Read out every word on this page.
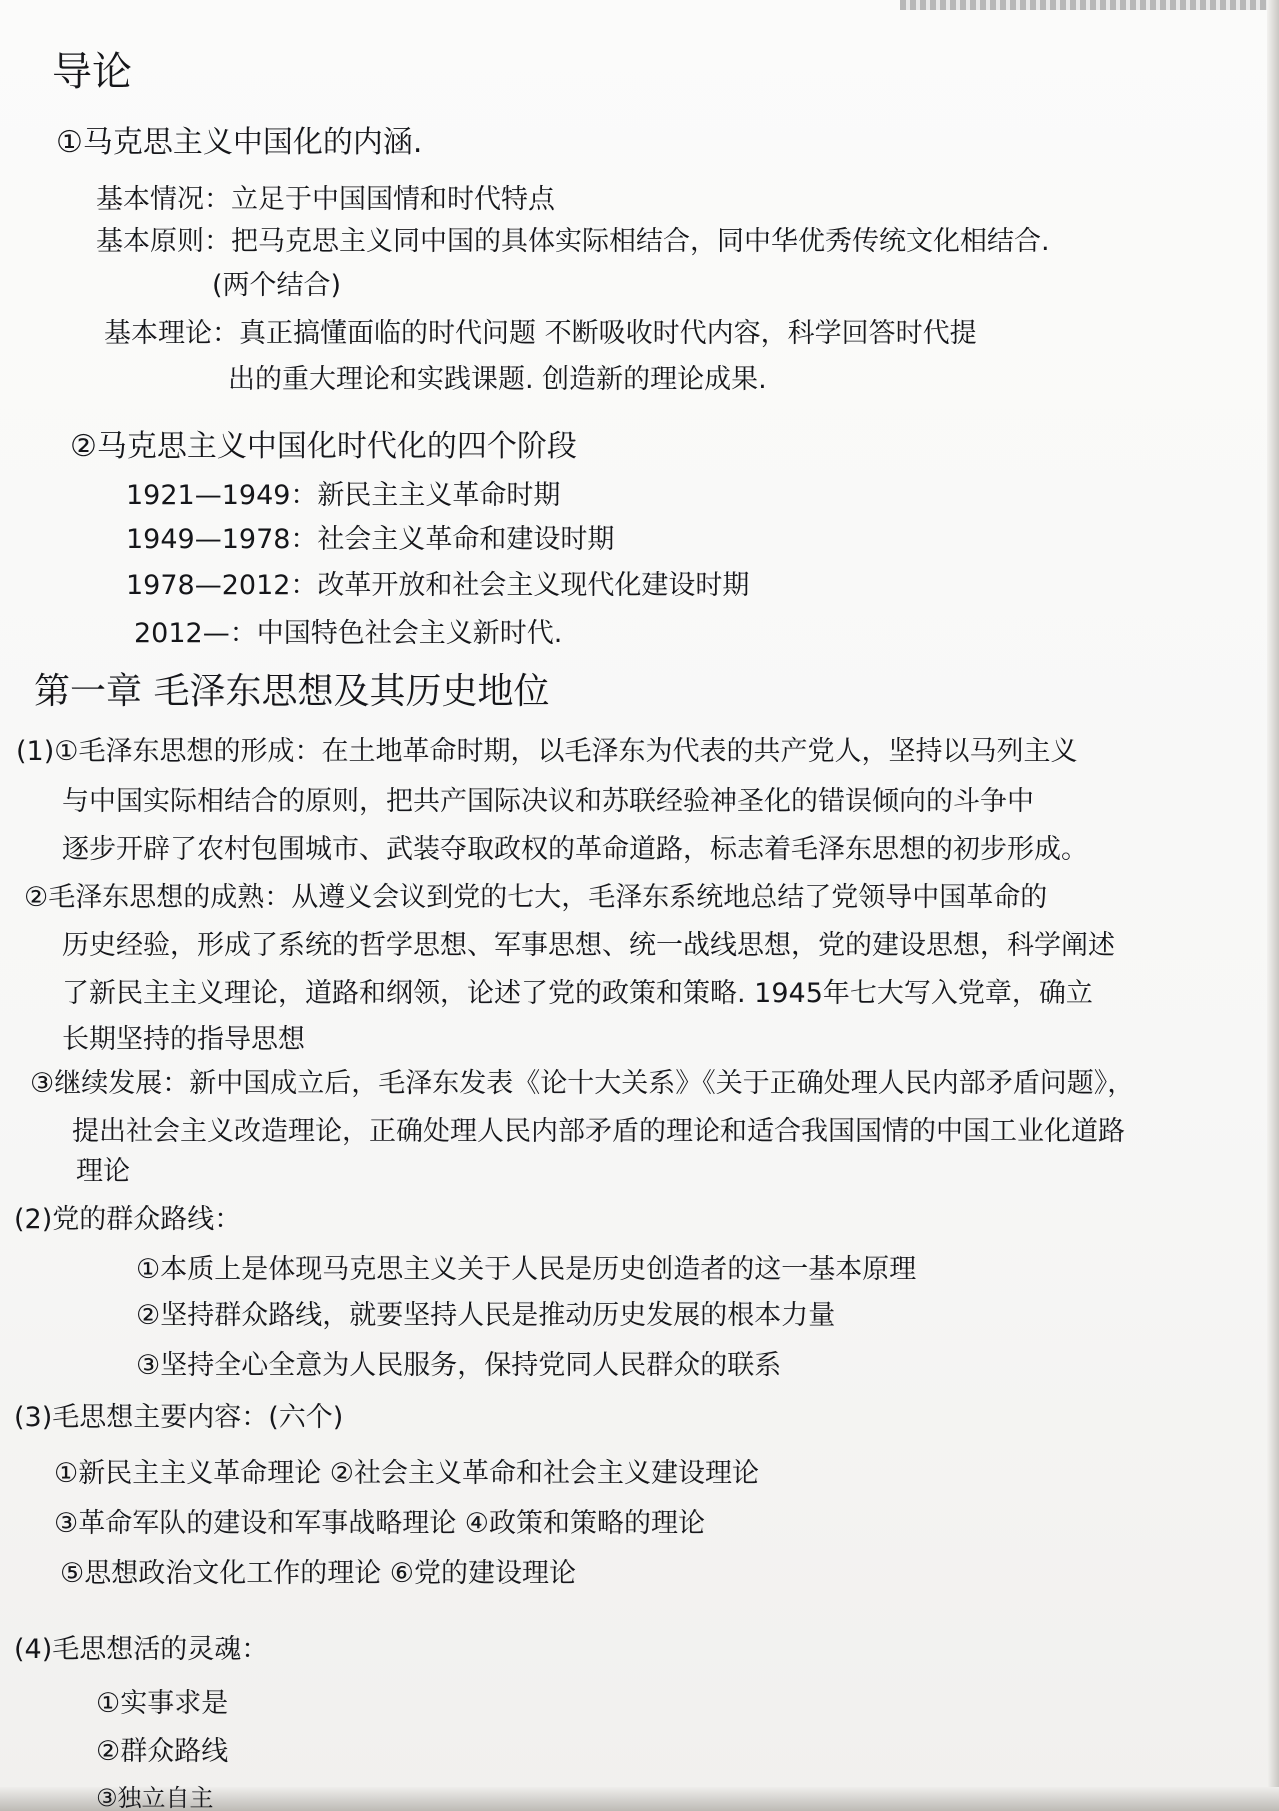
导论
①马克思主义中国化的内涵.
基本情况：立足于中国国情和时代特点
基本原则：把马克思主义同中国的具体实际相结合，同中华优秀传统文化相结合.
(两个结合)
基本理论：真正搞懂面临的时代问题 不断吸收时代内容，科学回答时代提
出的重大理论和实践课题. 创造新的理论成果.
②马克思主义中国化时代化的四个阶段
1921—1949：新民主主义革命时期
1949—1978：社会主义革命和建设时期
1978—2012：改革开放和社会主义现代化建设时期
2012—：中国特色社会主义新时代.
第一章 毛泽东思想及其历史地位
(1)①毛泽东思想的形成：在土地革命时期，以毛泽东为代表的共产党人，坚持以马列主义
与中国实际相结合的原则，把共产国际决议和苏联经验神圣化的错误倾向的斗争中
逐步开辟了农村包围城市、武装夺取政权的革命道路，标志着毛泽东思想的初步形成。
②毛泽东思想的成熟：从遵义会议到党的七大，毛泽东系统地总结了党领导中国革命的
历史经验，形成了系统的哲学思想、军事思想、统一战线思想，党的建设思想，科学阐述
了新民主主义理论，道路和纲领，论述了党的政策和策略. 1945年七大写入党章，确立
长期坚持的指导思想
③继续发展：新中国成立后，毛泽东发表《论十大关系》《关于正确处理人民内部矛盾问题》，
提出社会主义改造理论，正确处理人民内部矛盾的理论和适合我国国情的中国工业化道路
理论
(2)党的群众路线：
①本质上是体现马克思主义关于人民是历史创造者的这一基本原理
②坚持群众路线，就要坚持人民是推动历史发展的根本力量
③坚持全心全意为人民服务，保持党同人民群众的联系
(3)毛思想主要内容：(六个)
①新民主主义革命理论 ②社会主义革命和社会主义建设理论
③革命军队的建设和军事战略理论 ④政策和策略的理论
⑤思想政治文化工作的理论 ⑥党的建设理论
(4)毛思想活的灵魂：
①实事求是
②群众路线
③独立自主
